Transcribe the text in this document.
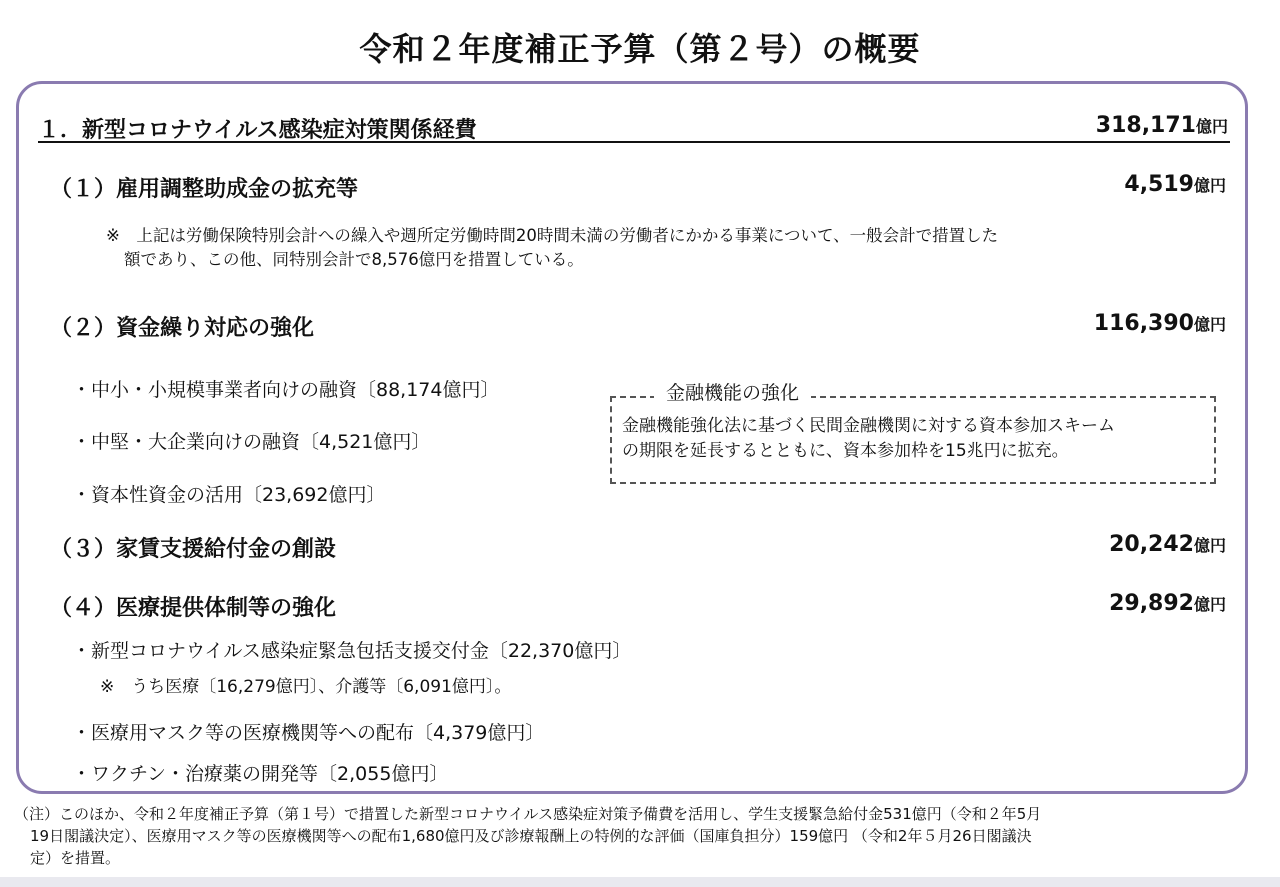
令和２年度補正予算（第２号）の概要
１．新型コロナウイルス感染症対策関係経費	318,171億円
（１）雇用調整助成金の拡充等	4,519億円
※　上記は労働保険特別会計への繰入や週所定労働時間20時間未満の労働者にかかる事業について、一般会計で措置した
額であり、この他、同特別会計で8,576億円を措置している。
（２）資金繰り対応の強化	116,390億円
・中小・小規模事業者向けの融資〔88,174億円〕
・中堅・大企業向けの融資〔4,521億円〕
・資本性資金の活用〔23,692億円〕
金融機能の強化
金融機能強化法に基づく民間金融機関に対する資本参加スキーム
の期限を延長するとともに、資本参加枠を15兆円に拡充。
（３）家賃支援給付金の創設	20,242億円
（４）医療提供体制等の強化	29,892億円
・新型コロナウイルス感染症緊急包括支援交付金〔22,370億円〕
※　うち医療〔16,279億円〕、介護等〔6,091億円〕。
・医療用マスク等の医療機関等への配布〔4,379億円〕
・ワクチン・治療薬の開発等〔2,055億円〕
（注）このほか、令和２年度補正予算（第１号）で措置した新型コロナウイルス感染症対策予備費を活用し、学生支援緊急給付金531億円（令和２年5月
19日閣議決定）、医療用マスク等の医療機関等への配布1,680億円及び診療報酬上の特例的な評価（国庫負担分）159億円 （令和2年５月26日閣議決
定）を措置。
